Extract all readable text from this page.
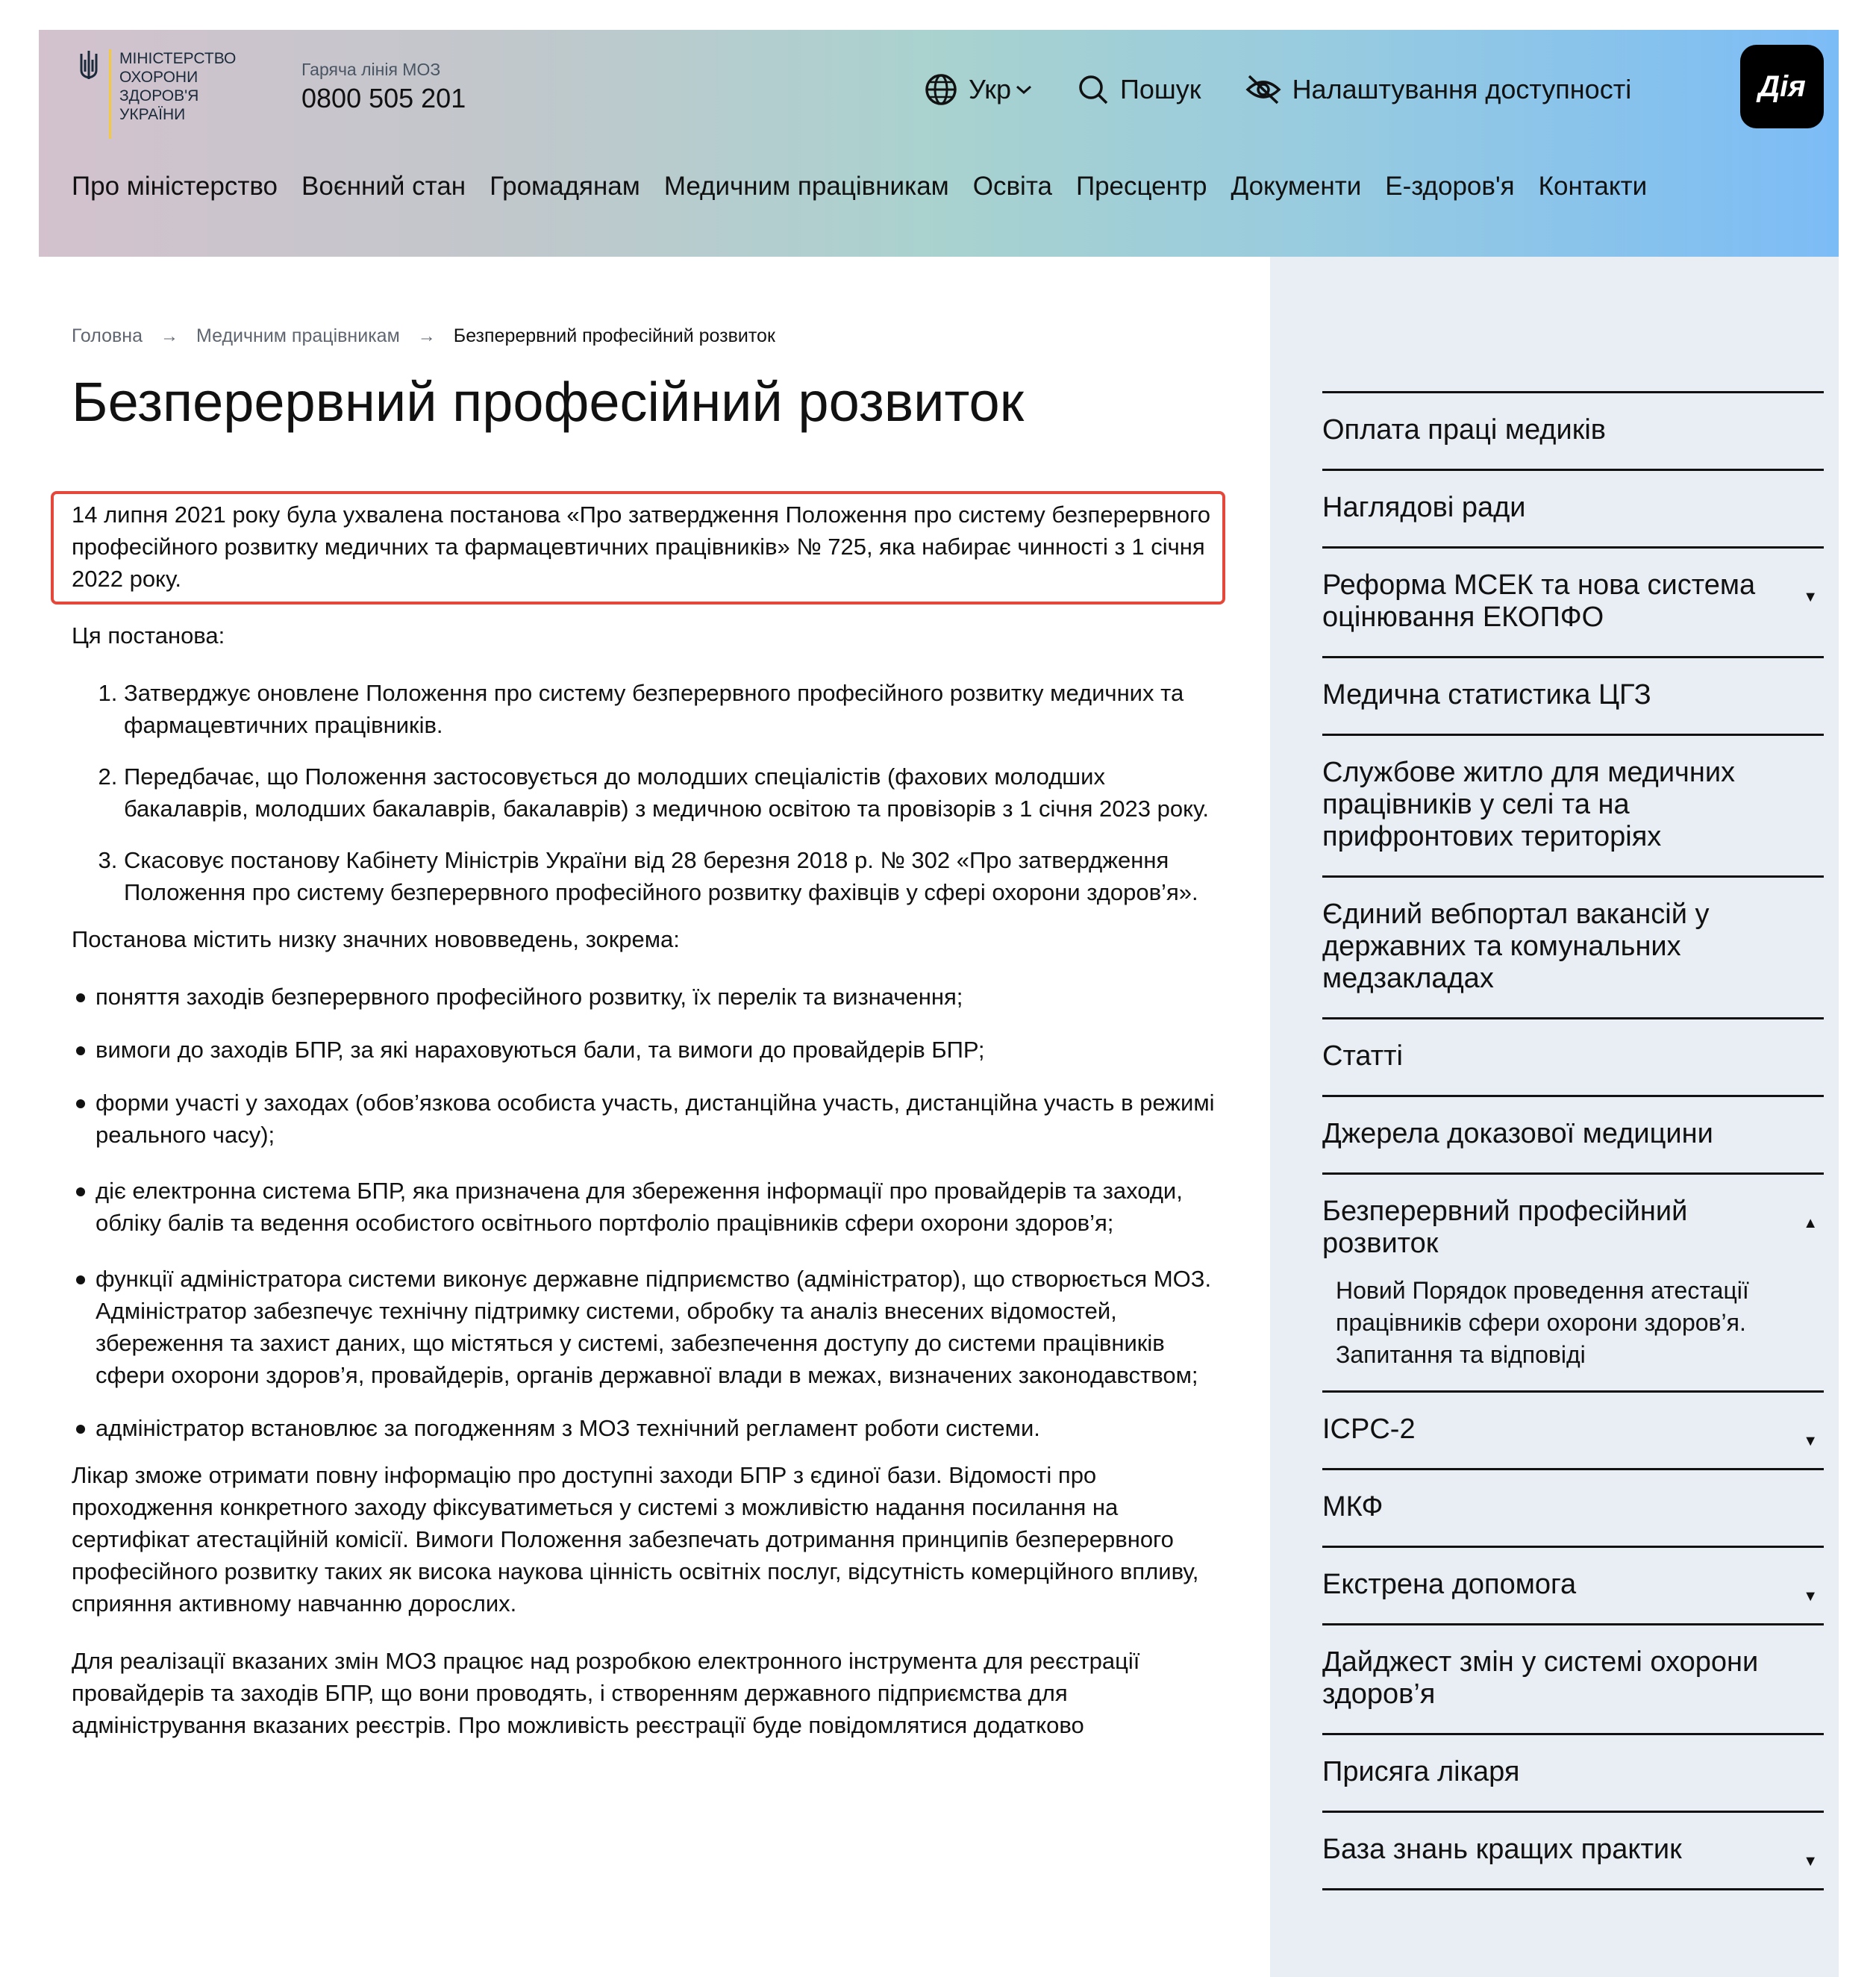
МІНІСТЕРСТВО
ОХОРОНИ
ЗДОРОВ'Я
УКРАЇНИ
Гаряча лінія МОЗ
0800 505 201	Укр	Пошук	Налаштування доступності	Дія
Про міністерство Воєнний стан Громадянам Медичним працівникам Освіта Пресцентр Документи Е-здоров'я Контакти
Головна → Медичним працівникам → Безперервний професійний розвиток
Безперервний професійний розвиток
14 липня 2021 року була ухвалена постанова «Про затвердження Положення про систему безперервного професійного розвитку медичних та фармацевтичних працівників» № 725, яка набирає чинності з 1 січня 2022 року.

Ця постанова:

1. Затверджує оновлене Положення про систему безперервного професійного розвитку медичних та фармацевтичних працівників.
2. Передбачає, що Положення застосовується до молодших спеціалістів (фахових молодших бакалаврів, молодших бакалаврів, бакалаврів) з медичною освітою та провізорів з 1 січня 2023 року.
3. Скасовує постанову Кабінету Міністрів України від 28 березня 2018 р. № 302 «Про затвердження Положення про систему безперервного професійного розвитку фахівців у сфері охорони здоров’я».

Постанова містить низку значних нововведень, зокрема:

поняття заходів безперервного професійного розвитку, їх перелік та визначення;
вимоги до заходів БПР, за які нараховуються бали, та вимоги до провайдерів БПР;
форми участі у заходах (обов’язкова особиста участь, дистанційна участь, дистанційна участь в режимі реального часу);
діє електронна система БПР, яка призначена для збереження інформації про провайдерів та заходи, обліку балів та ведення особистого освітнього портфоліо працівників сфери охорони здоров’я;
функції адміністратора системи виконує державне підприємство (адміністратор), що створюється МОЗ. Адміністратор забезпечує технічну підтримку системи, обробку та аналіз внесених відомостей, збереження та захист даних, що містяться у системі, забезпечення доступу до системи працівників сфери охорони здоров’я, провайдерів, органів державної влади в межах, визначених законодавством;
адміністратор встановлює за погодженням з МОЗ технічний регламент роботи системи.

Лікар зможе отримати повну інформацію про доступні заходи БПР з єдиної бази. Відомості про проходження конкретного заходу фіксуватиметься у системі з можливістю надання посилання на сертифікат атестаційній комісії. Вимоги Положення забезпечать дотримання принципів безперервного професійного розвитку таких як висока наукова цінність освітніх послуг, відсутність комерційного впливу, сприяння активному навчанню дорослих.

Для реалізації вказаних змін МОЗ працює над розробкою електронного інструмента для реєстрації провайдерів та заходів БПР, що вони проводять, і створенням державного підприємства для адміністрування вказаних реєстрів. Про можливість реєстрації буде повідомлятися додатково

Оплата праці медиків
Наглядові ради
Реформа МСЕК та нова система оцінювання ЕКОПФО
▼
Медична статистика ЦГЗ
Службове житло для медичних працівників у селі та на прифронтових територіях
Єдиний вебпортал вакансій у державних та комунальних медзакладах
Статті
Джерела доказової медицини
Безперервний професійний розвиток
▲
Новий Порядок проведення атестації працівників сфери охорони здоров’я. Запитання та відповіді
ICPC-2	▼
МКФ
Екстрена допомога	▼
Дайджест змін у системі охорони здоров’я
Присяга лікаря
База знань кращих практик	▼
